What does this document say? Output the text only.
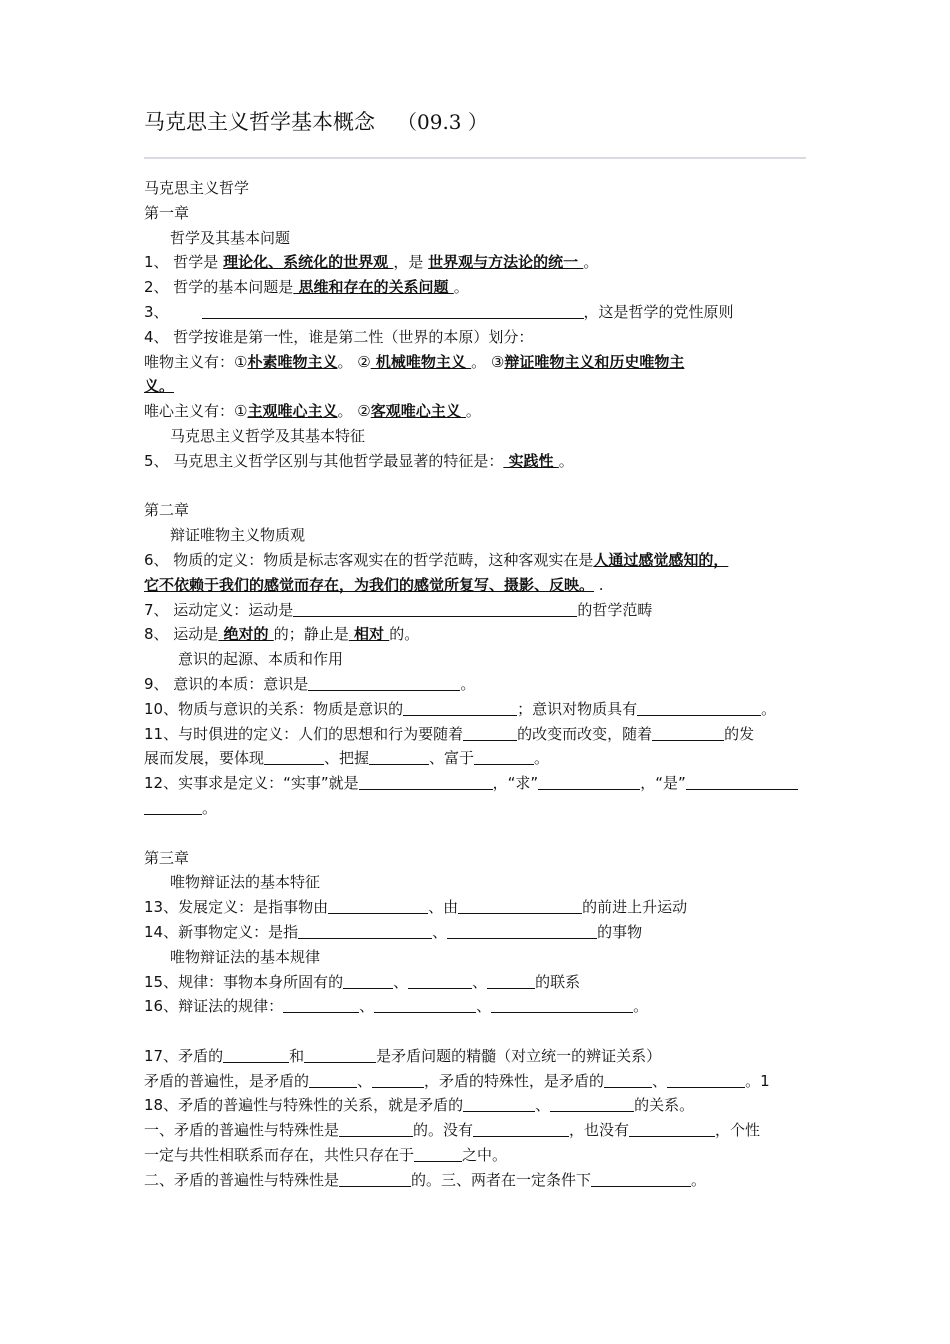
马克思主义哲学基本概念 （09.3 ）
马克思主义哲学
第一章
哲学及其基本问题
1、 哲学是 理论化、系统化的世界观 ，是 世界观与方法论的统一 。
2、 哲学的基本问题是 思维和存在的关系问题 。
3、	，这是哲学的党性原则
4、 哲学按谁是第一性，谁是第二性（世界的本原）划分：
唯物主义有：①朴素唯物主义。 ② 机械唯物主义 。 ③辩证唯物主义和历史唯物主
义。
唯心主义有：①主观唯心主义。 ②客观唯心主义 。
马克思主义哲学及其基本特征
5、 马克思主义哲学区别与其他哲学最显著的特征是： 实践性 。
第二章
辩证唯物主义物质观
6、 物质的定义：物质是标志客观实在的哲学范畴，这种客观实在是人通过感觉感知的，
它不依赖于我们的感觉而存在，为我们的感觉所复写、摄影、反映。 .
7、 运动定义：运动是	的哲学范畴
8、 运动是 绝对的 的；静止是 相对 的。
意识的起源、本质和作用
9、 意识的本质：意识是	。
10、物质与意识的关系：物质是意识的	；意识对物质具有	。
11、与时俱进的定义：人们的思想和行为要随着	的改变而改变，随着	的发
展而发展，要体现	、把握	、富于	。
12、实事求是定义：“实事”就是	，“求”	，“是”
。
第三章
唯物辩证法的基本特征
13、发展定义：是指事物由	、由	的前进上升运动
14、新事物定义：是指	、	的事物
唯物辩证法的基本规律
15、规律：事物本身所固有的	、	、	的联系
16、辩证法的规律：	、	、	。
17、矛盾的	和	是矛盾问题的精髓（对立统一的辨证关系）
矛盾的普遍性，是矛盾的	、	，矛盾的特殊性，是矛盾的	、	。1
18、矛盾的普遍性与特殊性的关系，就是矛盾的	、	的关系。
一、矛盾的普遍性与特殊性是	的。没有	，也没有	，个性
一定与共性相联系而存在，共性只存在于	之中。
二、矛盾的普遍性与特殊性是	的。三、两者在一定条件下	。
